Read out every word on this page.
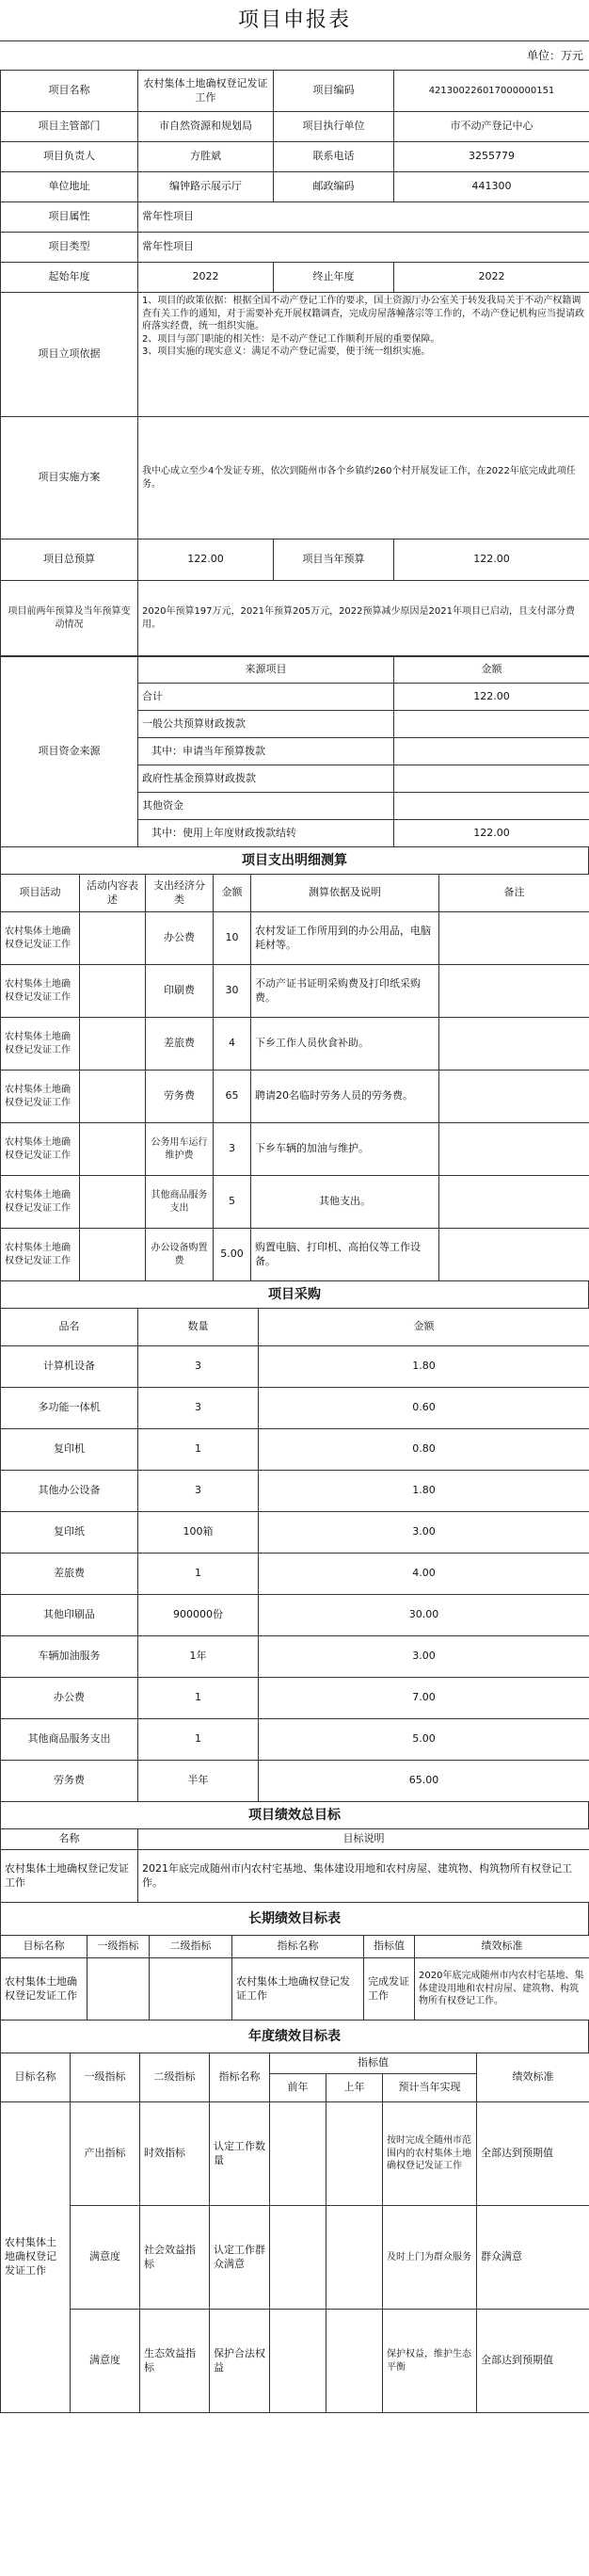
项目申报表
单位：万元
项目名称	农村集体土地确权登记发证工作	项目编码	421300226017000000151
项目主管部门	市自然资源和规划局	项目执行单位	市不动产登记中心
项目负责人	方胜斌	联系电话	3255779
单位地址	编钟路示展示厅	邮政编码	441300
项目属性	常年性项目		
项目类型	常年性项目		
起始年度	2022	终止年度	2022
项目立项依据	1、项目的政策依据：根据全国不动产登记工作的要求，国土资源厅办公室关于转发我局关于不动产权籍调查有关工作的通知，对于需要补充开展权籍调查，完成房屋落幢落宗等工作的，不动产登记机构应当提请政府落实经费，统一组织实施。
2、项目与部门职能的相关性：是不动产登记工作顺利开展的重要保障。
3、项目实施的现实意义：满足不动产登记需要，便于统一组织实施。		
项目实施方案	我中心成立至少4个发证专班，依次到随州市各个乡镇约260个村开展发证工作，在2022年底完成此项任务。		
项目总预算	122.00	项目当年预算	122.00
项目前两年预算及当年预算变动情况	2020年预算197万元，2021年预算205万元，2022预算减少原因是2021年项目已启动，且支付部分费用。		
项目资金来源	来源项目	金额
	合计	122.00
	一般公共预算财政拨款	
	其中：申请当年预算拨款	
	政府性基金预算财政拨款	
	其他资金	
	其中：使用上年度财政拨款结转	122.00
项目支出明细测算
项目活动	活动内容表述	支出经济分类	金额	测算依据及说明	备注
农村集体土地确权登记发证工作		办公费	10	农村发证工作所用到的办公用品，电脑耗材等。	
农村集体土地确权登记发证工作		印刷费	30	不动产证书证明采购费及打印纸采购费。	
农村集体土地确权登记发证工作		差旅费	4	下乡工作人员伙食补助。	
农村集体土地确权登记发证工作		劳务费	65	聘请20名临时劳务人员的劳务费。	
农村集体土地确权登记发证工作		公务用车运行维护费	3	下乡车辆的加油与维护。	
农村集体土地确权登记发证工作		其他商品服务支出	5	其他支出。	
农村集体土地确权登记发证工作		办公设备购置费	5.00	购置电脑、打印机、高拍仪等工作设备。	
项目采购
品名	数量	金额
计算机设备	3	1.80
多功能一体机	3	0.60
复印机	1	0.80
其他办公设备	3	1.80
复印纸	100箱	3.00
差旅费	1	4.00
其他印刷品	900000份	30.00
车辆加油服务	1年	3.00
办公费	1	7.00
其他商品服务支出	1	5.00
劳务费	半年	65.00
项目绩效总目标
名称	目标说明
农村集体土地确权登记发证工作	2021年底完成随州市内农村宅基地、集体建设用地和农村房屋、建筑物、构筑物所有权登记工作。
长期绩效目标表
目标名称	一级指标	二级指标	指标名称	指标值	绩效标准
农村集体土地确权登记发证工作			农村集体土地确权登记发证工作	完成发证工作	2020年底完成随州市内农村宅基地、集体建设用地和农村房屋、建筑物、构筑物所有权登记工作。
年度绩效目标表
目标名称	一级指标	二级指标	指标名称	指标值			绩效标准
				前年	上年	预计当年实现	
农村集体土地确权登记发证工作	产出指标	时效指标	认定工作数量			按时完成全随州市范围内的农村集体土地确权登记发证工作	全部达到预期值
	满意度	社会效益指标	认定工作群众满意			及时上门为群众服务	群众满意
	满意度	生态效益指标	保护合法权益			保护权益，维护生态平衡	全部达到预期值
